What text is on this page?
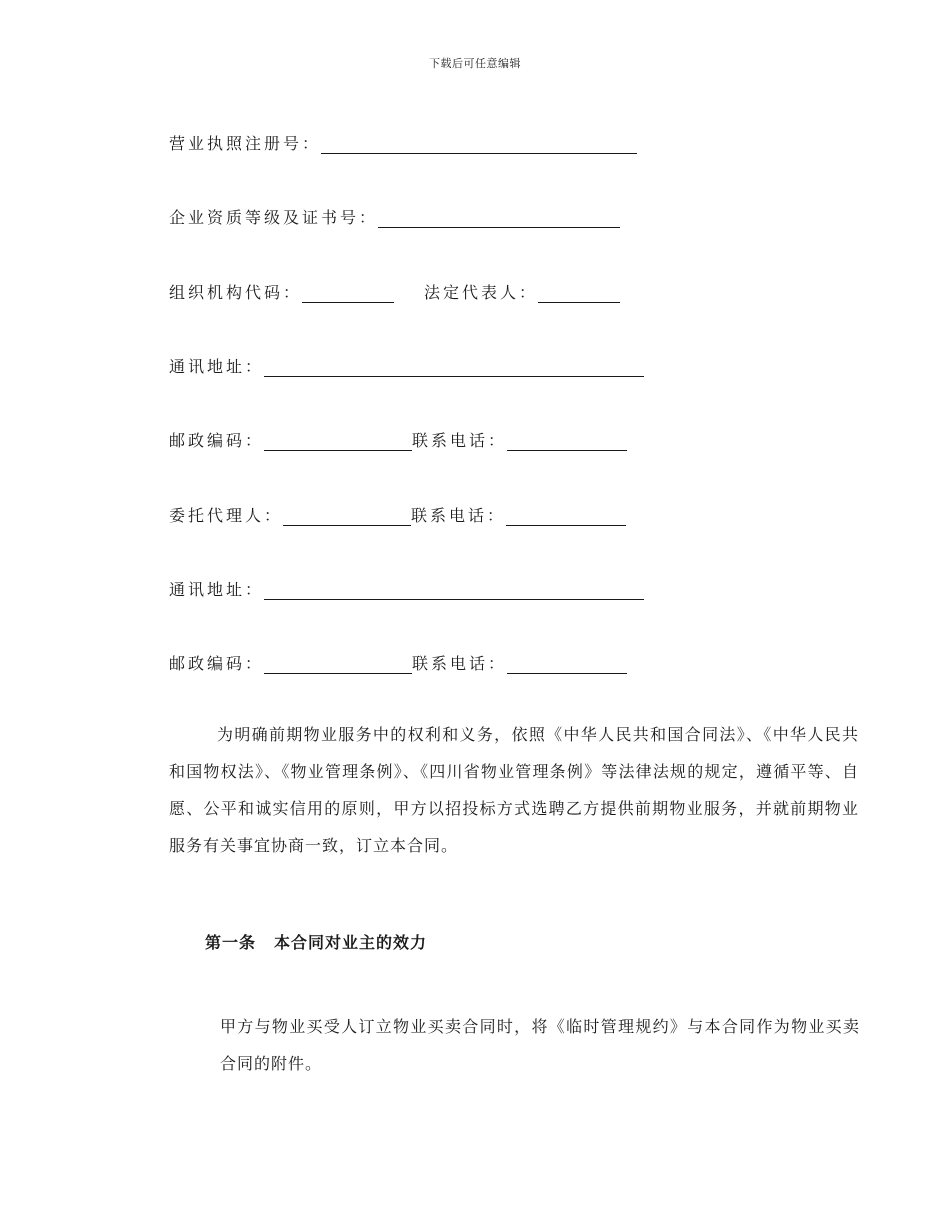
下载后可任意编辑
营业执照注册号：
企业资质等级及证书号：
组织机构代码：	法定代表人：
通讯地址：
邮政编码：	联系电话：
委托代理人：	联系电话：
通讯地址：
邮政编码：	联系电话：
为明确前期物业服务中的权利和义务，依照《中华人民共和国合同法》、《中华人民共和国物权法》、《物业管理条例》、《四川省物业管理条例》等法律法规的规定，遵循平等、自愿、公平和诚实信用的原则，甲方以招投标方式选聘乙方提供前期物业服务，并就前期物业服务有关事宜协商一致，订立本合同。
第一条 本合同对业主的效力
甲方与物业买受人订立物业买卖合同时，将《临时管理规约》与本合同作为物业买卖合同的附件。
